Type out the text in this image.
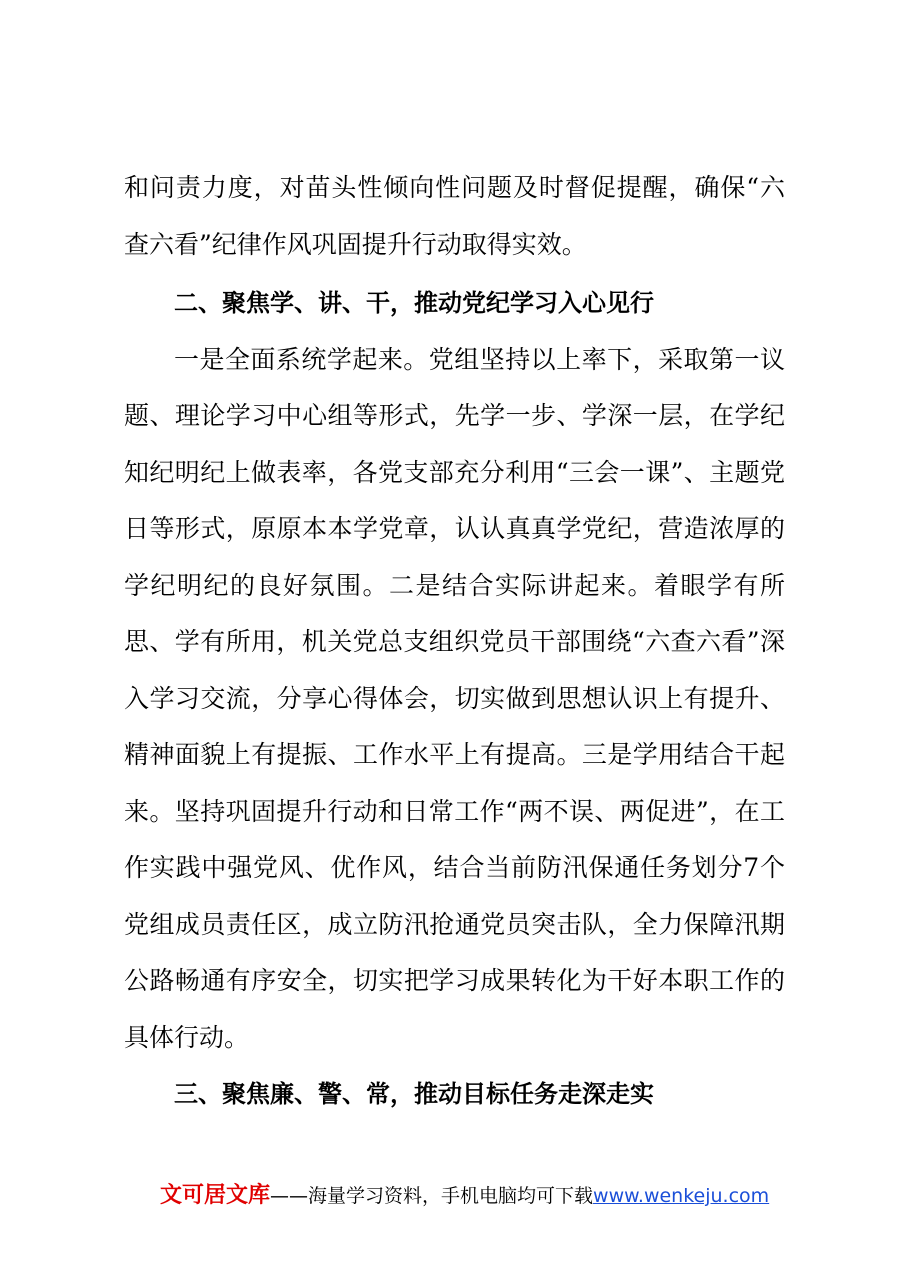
和问责力度，对苗头性倾向性问题及时督促提醒，确保“六查六看”纪律作风巩固提升行动取得实效。

二、聚焦学、讲、干，推动党纪学习入心见行

一是全面系统学起来。党组坚持以上率下，采取第一议题、理论学习中心组等形式，先学一步、学深一层，在学纪知纪明纪上做表率，各党支部充分利用“三会一课”、主题党日等形式，原原本本学党章，认认真真学党纪，营造浓厚的学纪明纪的良好氛围。二是结合实际讲起来。着眼学有所思、学有所用，机关党总支组织党员干部围绕“六查六看”深入学习交流，分享心得体会，切实做到思想认识上有提升、精神面貌上有提振、工作水平上有提高。三是学用结合干起来。坚持巩固提升行动和日常工作“两不误、两促进”，在工作实践中强党风、优作风，结合当前防汛保通任务划分7个党组成员责任区，成立防汛抢通党员突击队，全力保障汛期公路畅通有序安全，切实把学习成果转化为干好本职工作的具体行动。

三、聚焦廉、警、常，推动目标任务走深走实
文可居文库——海量学习资料，手机电脑均可下载www.wenkeju.com
